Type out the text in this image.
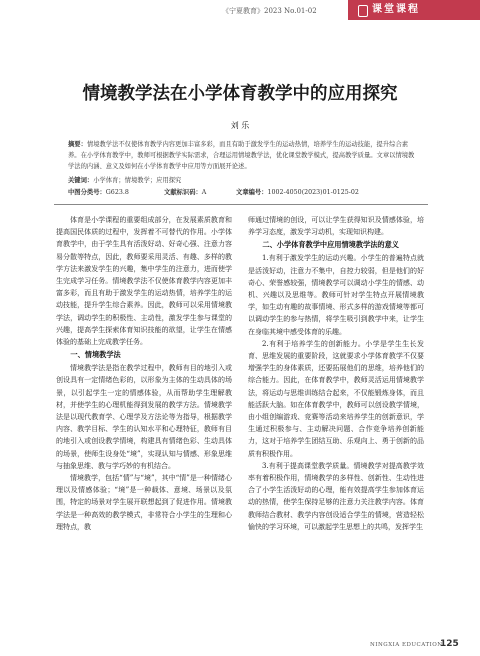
《宁夏教育》2023 No.01-02	课堂课程
情境教学法在小学体育教学中的应用探究
刘 乐
摘要：情境教学法不仅使体育教学内容更加丰富多彩，而且有助于激发学生的运动热情，培养学生的运动技能，提升综合素养。在小学体育教学中，教师可根据教学实际需求，合理运用情境教学法，优化课堂教学模式，提高教学质量。文章以情境教学法的内涵、意义及如何在小学体育教学中应用等方面展开论述。
关键词：小学体育；情境教学；应用探究
中图分类号：G623.8	文献标识码：A	文章编号：1002-4050(2023)01-0125-02

体育是小学课程的重要组成部分，在发展素质教育和提高国民体质的过程中，发挥着不可替代的作用。小学体育教学中，由于学生具有活泼好动、好奇心强、注意力容易分散等特点，因此，教师要采用灵活、有趣、多样的教学方法来激发学生的兴趣，集中学生的注意力，进而使学生完成学习任务。情境教学法不仅使体育教学内容更加丰富多彩，而且有助于激发学生的运动热情，培养学生的运动技能，提升学生综合素养。因此，教师可以采用情境教学法，调动学生的积极性、主动性，激发学生参与课堂的兴趣，提高学生探索体育知识技能的欲望，让学生在情感体验的基础上完成教学任务。

一、情境教学法

情境教学法是指在教学过程中，教师有目的地引入或创设具有一定情绪色彩的，以形象为主体的生动具体的场景，以引起学生一定的情感体验，从而帮助学生理解教材，并使学生的心理机能得到发展的教学方法。情境教学法是以现代教育学、心理学及方法论等为指导，根据教学内容、教学目标、学生的认知水平和心理特征，教师有目的地引入或创设教学情境，构建具有情绪色彩、生动具体的场景，使师生设身处“境”，实现认知与情感、形象思维与抽象思维、教与学巧妙的有机结合。

情境教学，包括“情”与“境”，其中“情”是一种情绪心理以及情感体验；“境”是一种载体、意境、场景以及氛围，特定的场景对学生展开联想起到了促进作用。情境教学法是一种高效的教学模式，非常符合小学生的生理和心理特点，教

师通过情境的创设，可以让学生获得知识及情感体验，培养学习态度，激发学习动机，实现知识构建。

二、小学体育教学中应用情境教学法的意义

1.有利于激发学生的运动兴趣。小学生的普遍特点就是活泼好动，注意力不集中，自控力较弱，但是他们的好奇心、荣誉感较强，情境教学可以调动小学生的情感、动机、兴趣以及思维等。教师可针对学生特点开展情境教学，如生动有趣的故事情境、形式多样的游戏情境等都可以调动学生的参与热情，将学生吸引到教学中来，让学生在身临其境中感受体育的乐趣。

2.有利于培养学生的创新能力。小学是学生生长发育、思维发展的重要阶段，这就要求小学体育教学不仅要增强学生的身体素质，还要拓展他们的思维，培养他们的综合能力。因此，在体育教学中，教师灵活运用情境教学法，将运动与思维训练结合起来，不仅能锻炼身体，而且能活跃大脑。如在体育教学中，教师可以创设教学情境，由小组创编游戏、竞赛等活动来培养学生的创新意识，学生通过积极参与、主动解决问题、合作竞争培养创新能力，这对于培养学生团结互助、乐观向上、勇于创新的品质有积极作用。

3.有利于提高课堂教学质量。情境教学对提高教学效率有着积极作用，情境教学的多样性、创新性、生动性进合了小学生活泼好动的心理，能有效提高学生参加体育运动的热情，使学生保持足够的注意力关注教学内容。体育教师结合教材、教学内容创设适合学生的情境，营造轻松愉快的学习环境，可以激起学生思想上的共鸣，发挥学生

NINGXIA EDUCATION
125
